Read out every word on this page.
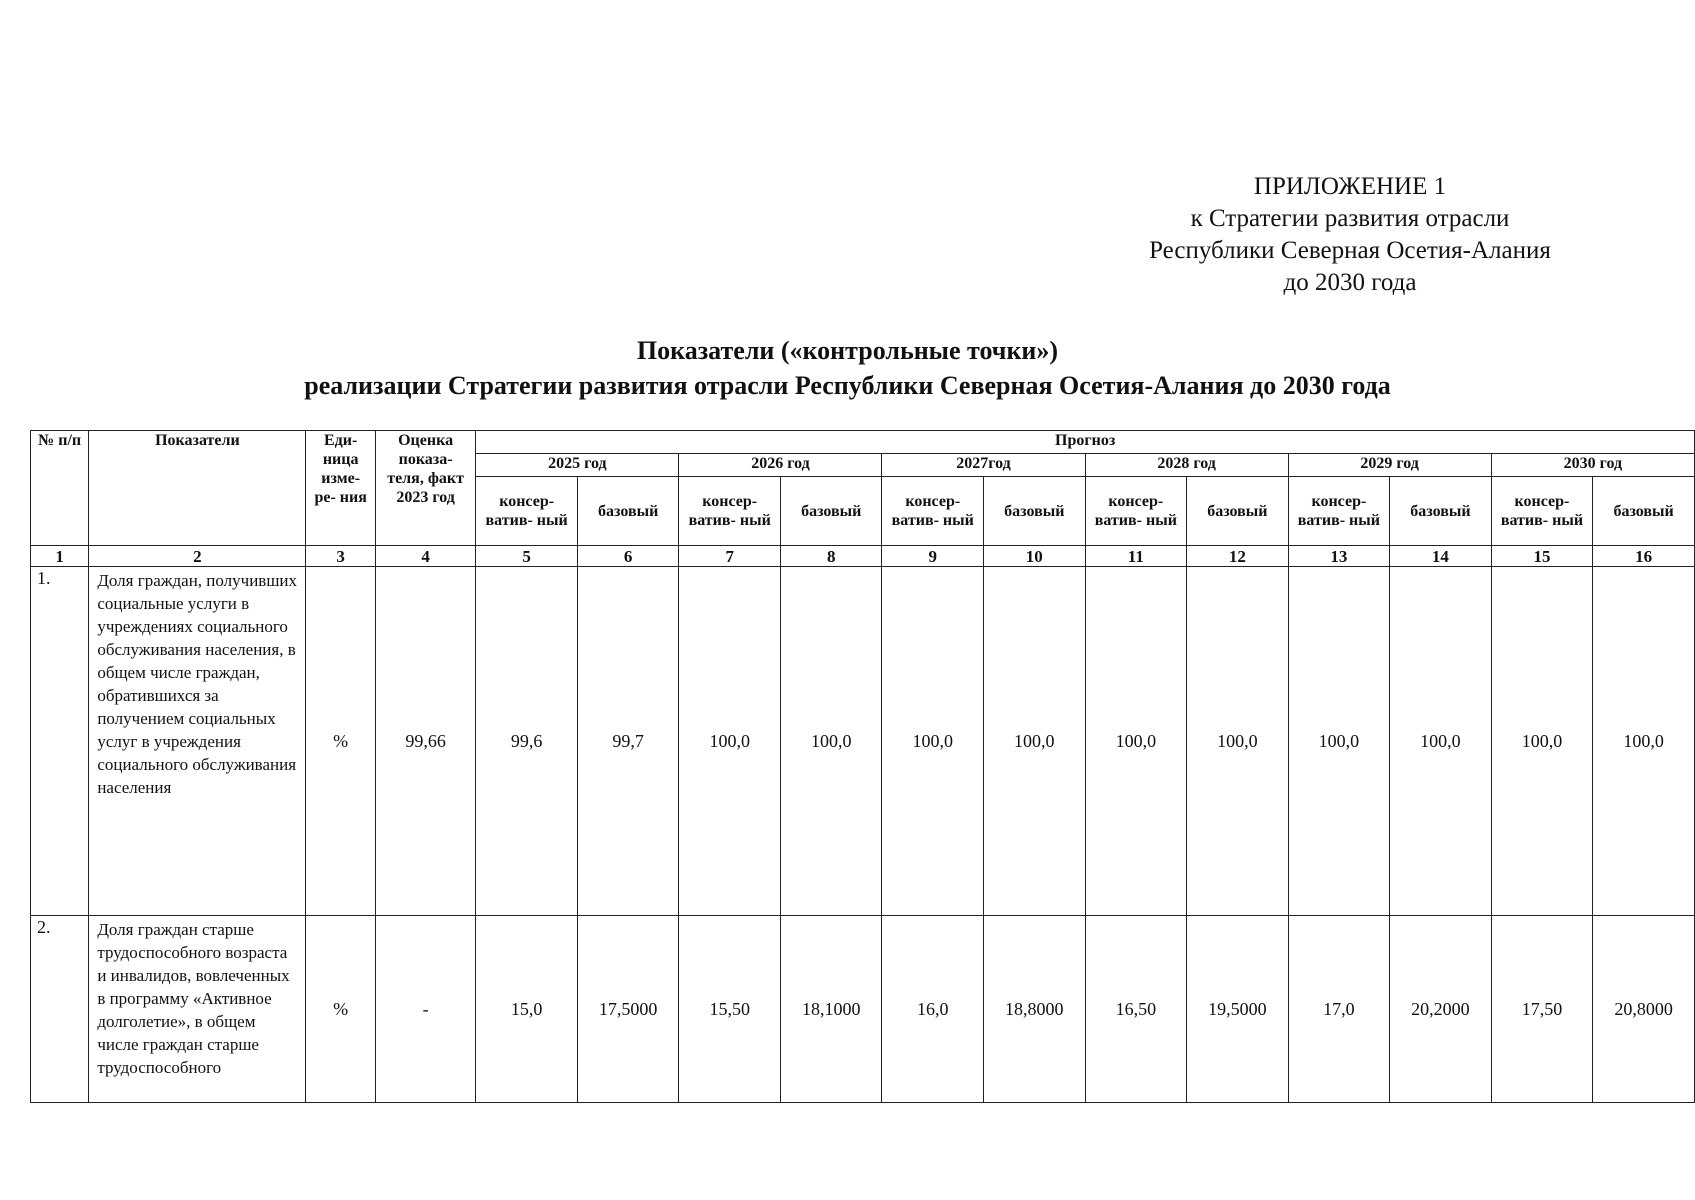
ПРИЛОЖЕНИЕ 1
к Стратегии развития отрасли
Республики Северная Осетия-Алания
до 2030 года
Показатели («контрольные точки»)
реализации Стратегии развития отрасли Республики Северная Осетия-Алания до 2030 года
№ п/п	Показатели	Еди- ница изме- ре- ния	Оценка показа- теля, факт 2023 год	Прогноз											
				2025 год		2026 год		2027год		2028 год		2029 год		2030 год	
				консер- ватив- ный	базовый	консер- ватив- ный	базовый	консер- ватив- ный	базовый	консер- ватив- ный	базовый	консер- ватив- ный	базовый	консер- ватив- ный	базовый
1	2	3	4	5	6	7	8	9	10	11	12	13	14	15	16
1.	Доля граждан, получивших социальные услуги в учреждениях социального обслуживания населения, в общем числе граждан, обратившихся за получением социальных услуг в учреждения социального обслуживания населения	%	99,66	99,6	99,7	100,0	100,0	100,0	100,0	100,0	100,0	100,0	100,0	100,0	100,0
2.	Доля граждан старше трудоспособного возраста и инвалидов, вовлеченных в программу «Активное долголетие», в общем числе граждан старше трудоспособного	%	-	15,0	17,5000	15,50	18,1000	16,0	18,8000	16,50	19,5000	17,0	20,2000	17,50	20,8000
